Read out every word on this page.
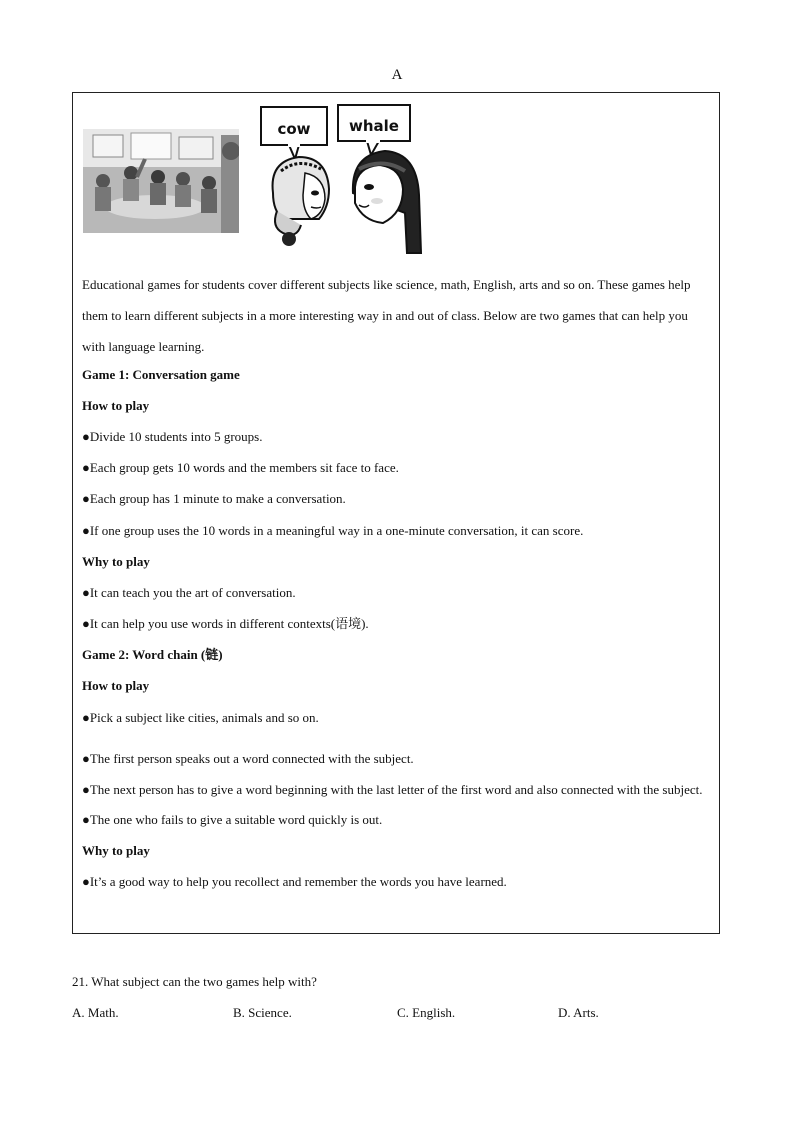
A
cow	whale
Educational games for students cover different subjects like science, math, English, arts and so on. These games help them to learn different subjects in a more interesting way in and out of class. Below are two games that can help you with language learning.
Game 1: Conversation game
How to play
●Divide 10 students into 5 groups.
●Each group gets 10 words and the members sit face to face.
●Each group has 1 minute to make a conversation.
●If one group uses the 10 words in a meaningful way in a one-minute conversation, it can score.
Why to play
●It can teach you the art of conversation.
●It can help you use words in different contexts(语境).
Game 2: Word chain (链)
How to play
●Pick a subject like cities, animals and so on.
●The first person speaks out a word connected with the subject.
●The next person has to give a word beginning with the last letter of the first word and also connected with the subject.
●The one who fails to give a suitable word quickly is out.
Why to play
●It’s a good way to help you recollect and remember the words you have learned.
21. What subject can the two games help with?
A. Math.	B. Science.	C. English.	D. Arts.
